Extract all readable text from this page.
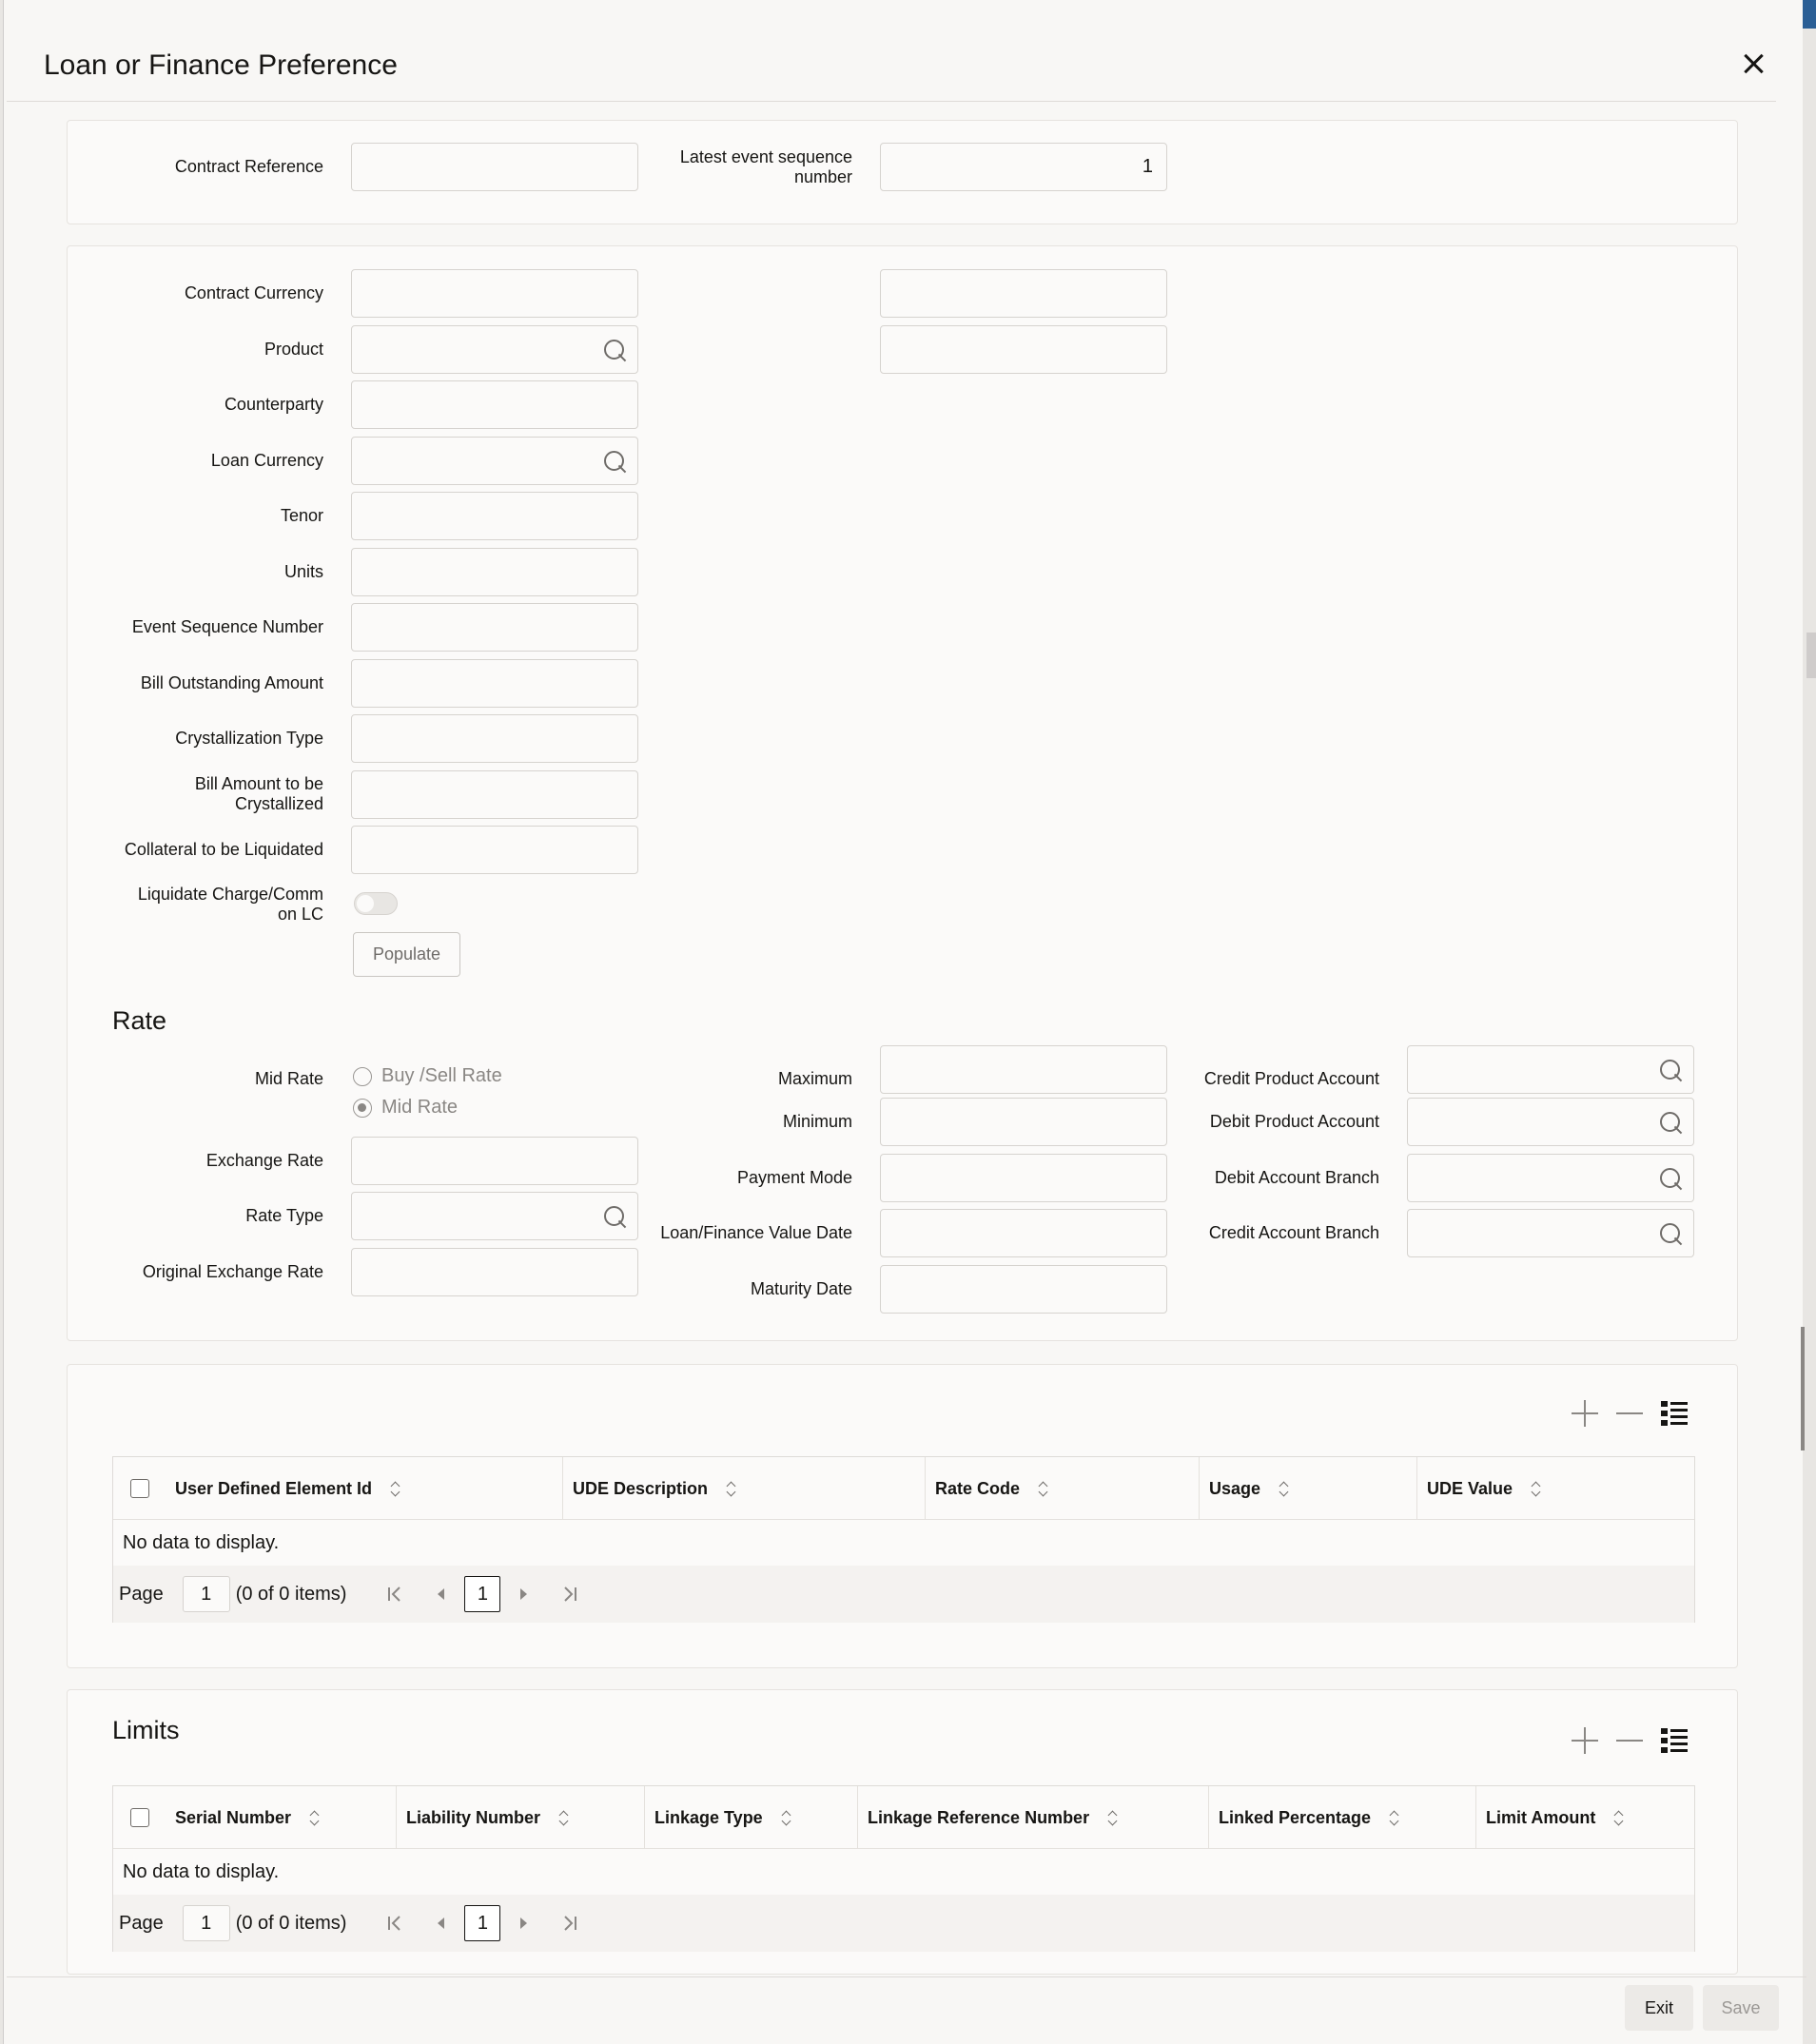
Loan or Finance Preference
Contract Reference	Latest event sequence number	1
Contract Currency
Product
Counterparty
Loan Currency
Tenor
Units
Event Sequence Number
Bill Outstanding Amount
Crystallization Type
Bill Amount to be Crystallized
Collateral to be Liquidated
Liquidate Charge/Comm on LC
Populate
Rate
Mid Rate	Buy /Sell Rate
Mid Rate
Exchange Rate
Rate Type
Original Exchange Rate
Maximum
Minimum
Payment Mode
Loan/Finance Value Date
Maturity Date
Credit Product Account
Debit Product Account
Debit Account Branch
Credit Account Branch
User Defined Element Id	UDE Description	Rate Code	Usage	UDE Value
No data to display.
Page	1	(0 of 0 items)	1
Limits
Serial Number	Liability Number	Linkage Type	Linkage Reference Number	Linked Percentage	Limit Amount
No data to display.
Page	1	(0 of 0 items)	1
Exit	Save
